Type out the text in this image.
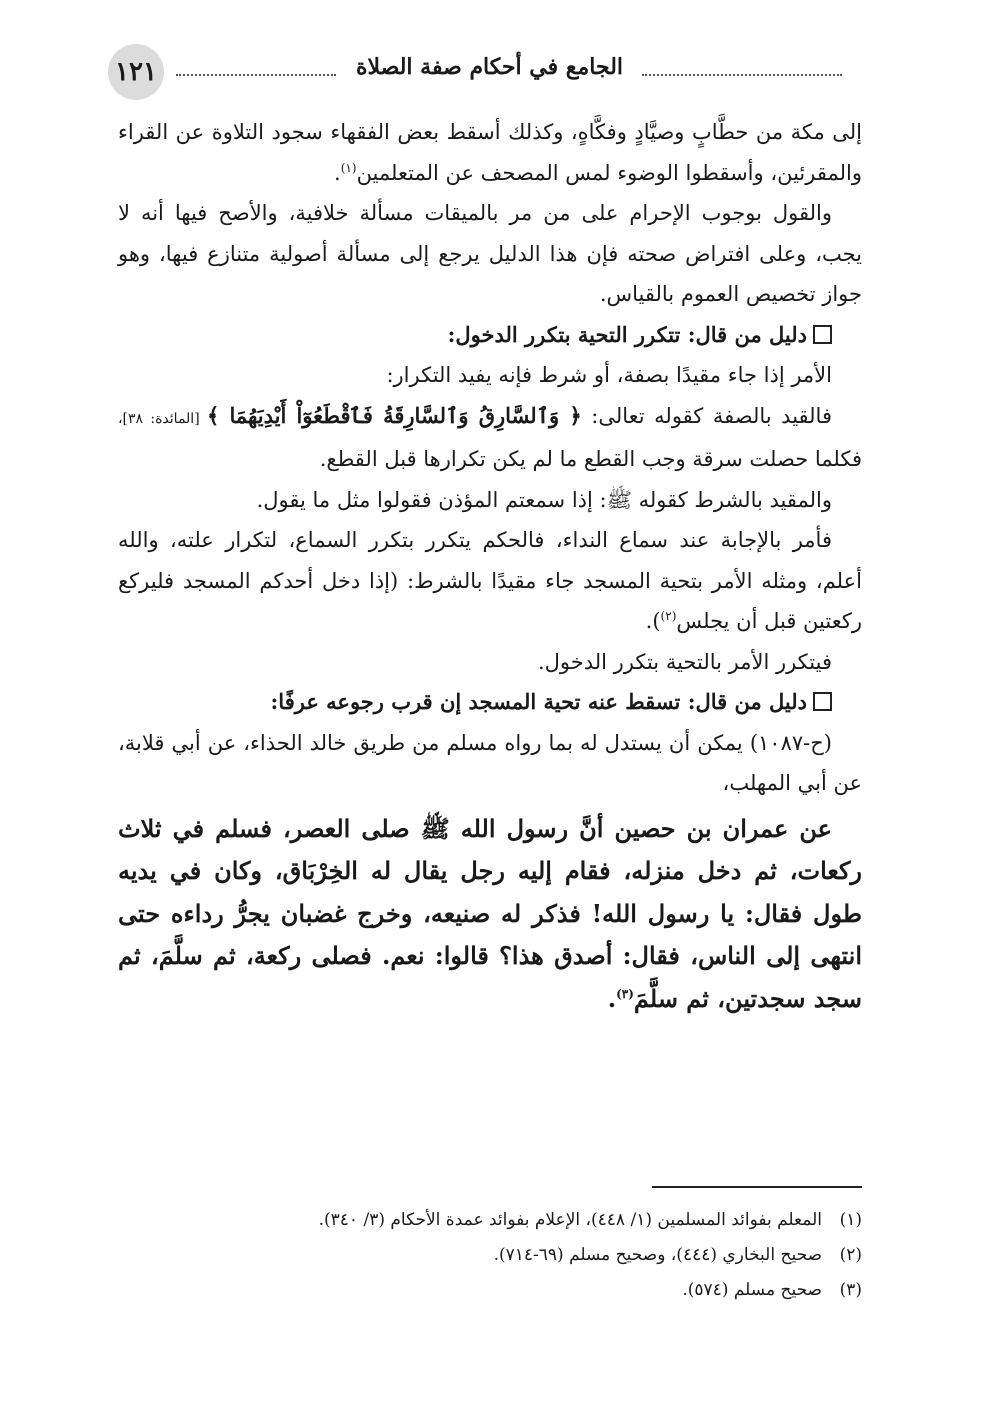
١٢١	الجامع في أحكام صفة الصلاة

إلى مكة من حطَّابٍ وصيَّادٍ وفكَّاهٍ، وكذلك أسقط بعض الفقهاء سجود التلاوة عن القراء والمقرئين، وأسقطوا الوضوء لمس المصحف عن المتعلمين$^{(١)}$.

والقول بوجوب الإحرام على من مر بالميقات مسألة خلافية، والأصح فيها أنه لا يجب، وعلى افتراض صحته فإن هذا الدليل يرجع إلى مسألة أصولية متنازع فيها، وهو جواز تخصيص العموم بالقياس.

دليل من قال: تتكرر التحية بتكرر الدخول:

الأمر إذا جاء مقيدًا بصفة، أو شرط فإنه يفيد التكرار:

فالقيد بالصفة كقوله تعالى: ﴿ وَٱلسَّارِقُ وَٱلسَّارِقَةُ فَٱقْطَعُوٓاْ أَيْدِيَهُمَا ﴾ [المائدة: ٣٨]، فكلما حصلت سرقة وجب القطع ما لم يكن تكرارها قبل القطع.

والمقيد بالشرط كقوله ﷺ: إذا سمعتم المؤذن فقولوا مثل ما يقول.

فأمر بالإجابة عند سماع النداء، فالحكم يتكرر بتكرر السماع، لتكرار علته، والله أعلم، ومثله الأمر بتحية المسجد جاء مقيدًا بالشرط: (إذا دخل أحدكم المسجد فليركع ركعتين قبل أن يجلس$^{(٢)}$).

فيتكرر الأمر بالتحية بتكرر الدخول.

دليل من قال: تسقط عنه تحية المسجد إن قرب رجوعه عرفًا:

(ح-١٠٨٧) يمكن أن يستدل له بما رواه مسلم من طريق خالد الحذاء، عن أبي قلابة، عن أبي المهلب،

عن عمران بن حصين أنَّ رسول الله ﷺ صلى العصر، فسلم في ثلاث ركعات، ثم دخل منزله، فقام إليه رجل يقال له الخِرْبَاق، وكان في يديه طول فقال: يا رسول الله! فذكر له صنيعه، وخرج غضبان يجرُّ رداءه حتى انتهى إلى الناس، فقال: أصدق هذا؟ قالوا: نعم. فصلى ركعة، ثم سلَّمَ، ثم سجد سجدتين، ثم سلَّمَ$^{(٣)}$.

(١)المعلم بفوائد المسلمين (١/ ٤٤٨)، الإعلام بفوائد عمدة الأحكام (٣/ ٣٤٠).

(٢)صحيح البخاري (٤٤٤)، وصحيح مسلم (٦٩-٧١٤).

(٣)صحيح مسلم (٥٧٤).
